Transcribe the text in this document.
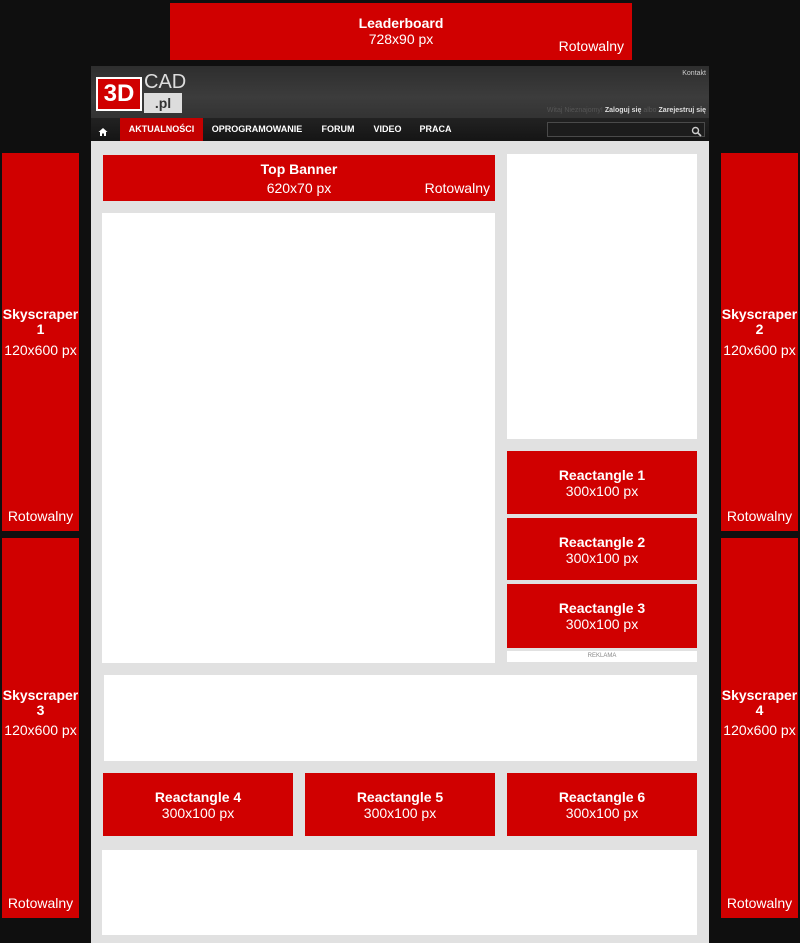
Leaderboard
728x90 px	Rotowalny
Skyscraper 1
120x600 px
Rotowalny
Skyscraper 2
120x600 px
Rotowalny
Skyscraper 3
120x600 px
Rotowalny
Skyscraper 4
120x600 px
Rotowalny
3D CAD
.pl
Kontakt
Witaj Nieznajomy! Zaloguj się albo Zarejestruj się
AKTUALNOŚCI	OPROGRAMOWANIE	FORUM	VIDEO	PRACA
REKLAMA
Top Banner
620x70 px	Rotowalny
Reactangle 1
300x100 px
Reactangle 2
300x100 px
Reactangle 3
300x100 px
Reactangle 4
300x100 px
Reactangle 5
300x100 px
Reactangle 6
300x100 px
